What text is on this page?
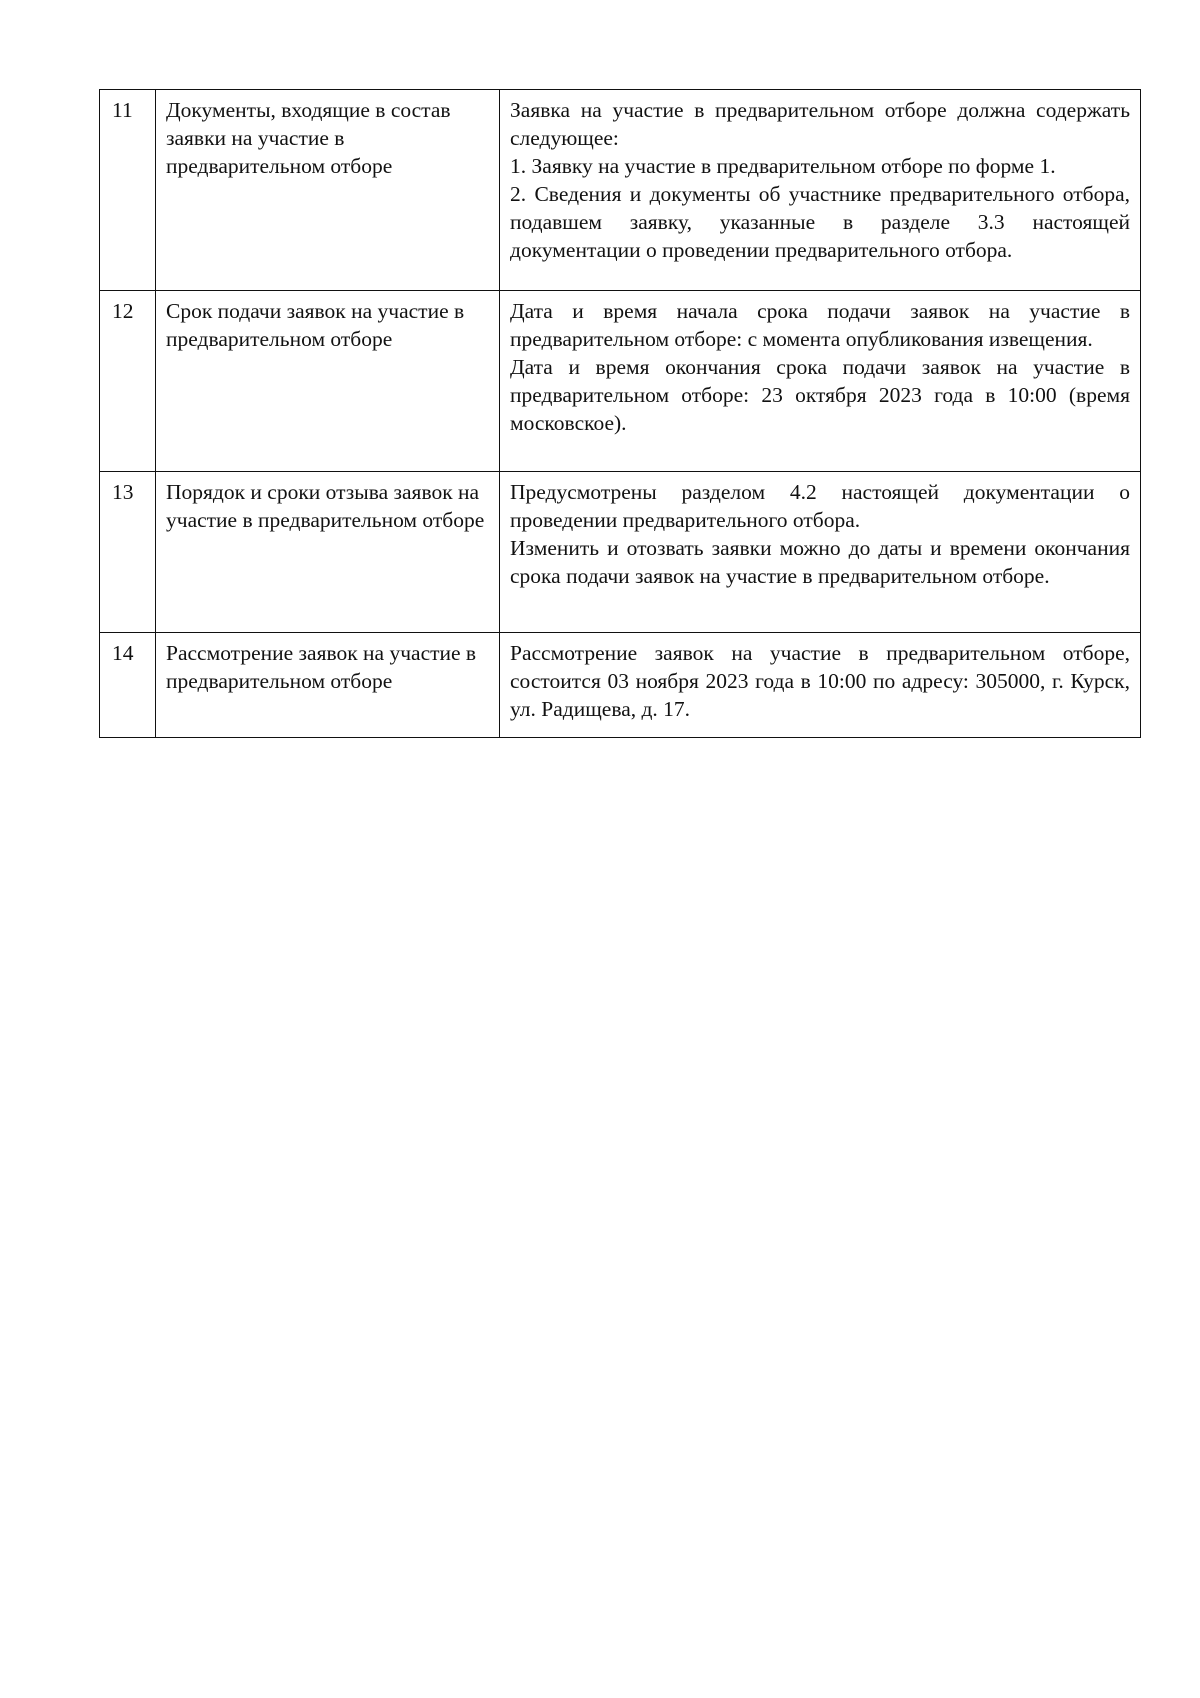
11	Документы, входящие в состав заявки на участие в предварительном отборе	Заявка на участие в предварительном отборе должна содержать следующее:

1. Заявку на участие в предварительном отборе по форме 1.

2. Сведения и документы об участнике предварительного отбора, подавшем заявку, указанные в разделе 3.3 настоящей документации о проведении предварительного отбора.

12	Срок подачи заявок на участие в предварительном отборе	Дата и время начала срока подачи заявок на участие в предварительном отборе: с момента опубликования извещения.

Дата и время окончания срока подачи заявок на участие в предварительном отборе: 23 октября 2023 года в 10:00 (время московское).

13	Порядок и сроки отзыва заявок на участие в предварительном отборе	Предусмотрены разделом 4.2 настоящей документации о проведении предварительного отбора.

Изменить и отозвать заявки можно до даты и времени окончания срока подачи заявок на участие в предварительном отборе.

14	Рассмотрение заявок на участие в предварительном отборе	Рассмотрение заявок на участие в предварительном отборе, состоится 03 ноября 2023 года в 10:00 по адресу: 305000, г. Курск, ул. Радищева, д. 17.
